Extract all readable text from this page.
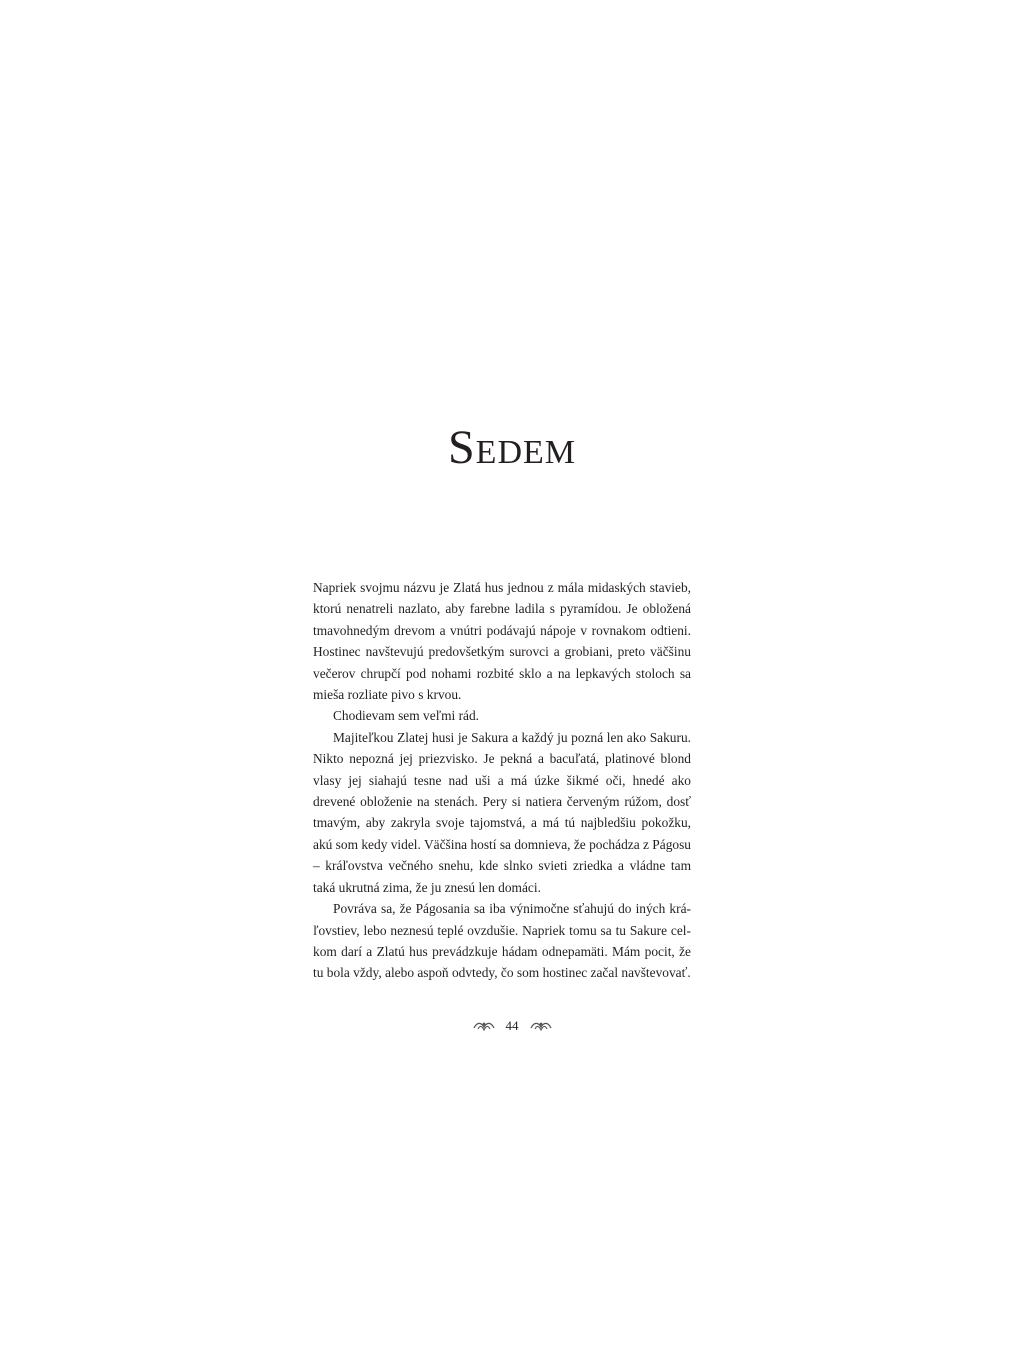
Sedem

Napriek svojmu názvu je Zlatá hus jednou z mála midaských stavieb, ktorú nenatreli nazlato, aby farebne ladila s pyramídou. Je obložená tmavohnedým drevom a vnútri podávajú nápoje v rovnakom odtieni. Hostinec navštevujú predovšetkým surovci a grobiani, preto väčšinu večerov chrupčí pod nohami rozbité sklo a na lepkavých stoloch sa mieša rozliate pivo s krvou.

Chodievam sem veľmi rád.

Majiteľkou Zlatej husi je Sakura a každý ju pozná len ako Sakuru. Nikto nepozná jej priezvisko. Je pekná a bacuľatá, platinové blond vlasy jej siahajú tesne nad uši a má úzke šikmé oči, hnedé ako drevené obloženie na stenách. Pery si natiera červeným rúžom, dosť tmavým, aby zakryla svoje tajomstvá, a má tú najbledšiu pokožku, akú som kedy videl. Väčšina hostí sa domnieva, že pochádza z Págosu – kráľovstva večného snehu, kde slnko svieti zriedka a vládne tam taká ukrutná zima, že ju znesú len domáci.

Povráva sa, že Págosania sa iba výnimočne sťahujú do iných kráľovstiev, lebo neznesú teplé ovzdušie. Napriek tomu sa tu Sakure celkom darí a Zlatú hus prevádzkuje hádam odnepamäti. Mám pocit, že tu bola vždy, alebo aspoň odvtedy, čo som hostinec začal navštevovať.

44
